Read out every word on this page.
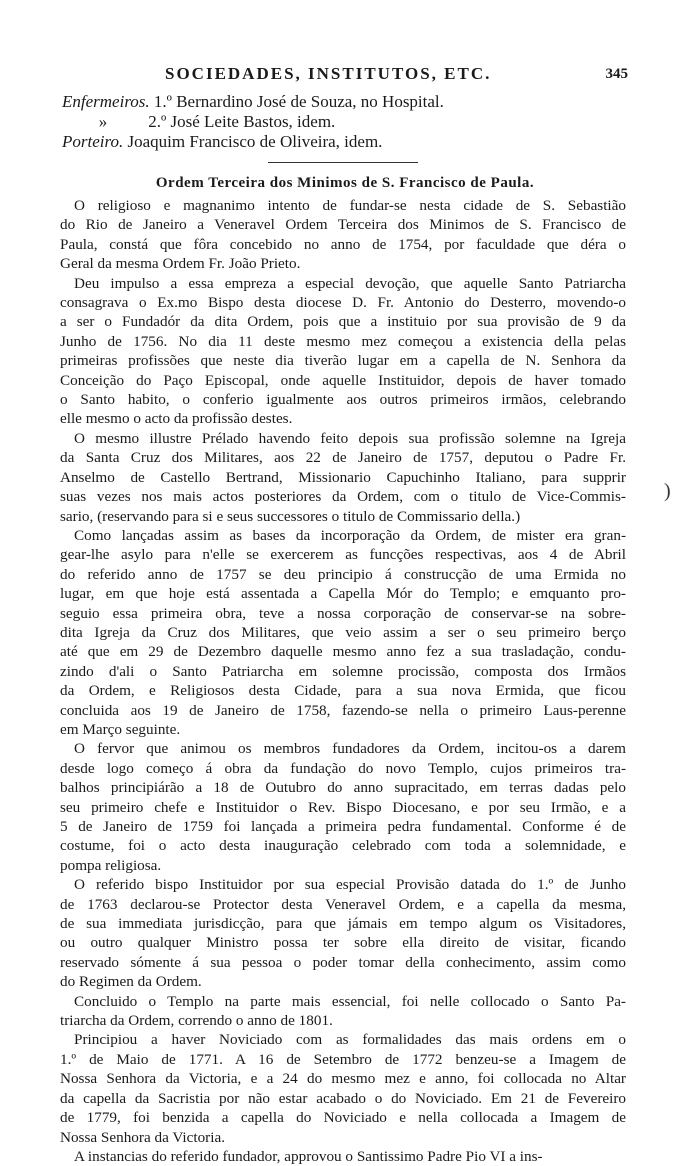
SOCIEDADES, INSTITUTOS, ETC.	345
Enfermeiros. 1.º Bernardino José de Souza, no Hospital.
» 2.º José Leite Bastos, idem.
Porteiro. Joaquim Francisco de Oliveira, idem.
Ordem Terceira dos Minimos de S. Francisco de Paula.
O religioso e magnanimo intento de fundar-se nesta cidade de S. Sebastião
do Rio de Janeiro a Veneravel Ordem Terceira dos Minimos de S. Francisco de
Paula, constá que fôra concebido no anno de 1754, por faculdade que déra o
Geral da mesma Ordem Fr. João Prieto.
Deu impulso a essa empreza a especial devoção, que aquelle Santo Patriarcha
consagrava o Ex.mo Bispo desta diocese D. Fr. Antonio do Desterro, movendo-o
a ser o Fundadór da dita Ordem, pois que a instituio por sua provisão de 9 da
Junho de 1756. No dia 11 deste mesmo mez começou a existencia della pelas
primeiras profissões que neste dia tiverão lugar em a capella de N. Senhora da
Conceição do Paço Episcopal, onde aquelle Instituidor, depois de haver tomado
o Santo habito, o conferio igualmente aos outros primeiros irmãos, celebrando
elle mesmo o acto da profissão destes.
O mesmo illustre Prélado havendo feito depois sua profissão solemne na Igreja
da Santa Cruz dos Militares, aos 22 de Janeiro de 1757, deputou o Padre Fr.
Anselmo de Castello Bertrand, Missionario Capuchinho Italiano, para supprir
suas vezes nos mais actos posteriores da Ordem, com o titulo de Vice-Commis-
sario, (reservando para si e seus successores o titulo de Commissario della.)
Como lançadas assim as bases da incorporação da Ordem, de mister era gran-
gear-lhe asylo para n'elle se exercerem as funcções respectivas, aos 4 de Abril
do referido anno de 1757 se deu principio á construcção de uma Ermida no
lugar, em que hoje está assentada a Capella Mór do Templo; e emquanto pro-
seguio essa primeira obra, teve a nossa corporação de conservar-se na sobre-
dita Igreja da Cruz dos Militares, que veio assim a ser o seu primeiro berço
até que em 29 de Dezembro daquelle mesmo anno fez a sua trasladação, condu-
zindo d'ali o Santo Patriarcha em solemne procissão, composta dos Irmãos
da Ordem, e Religiosos desta Cidade, para a sua nova Ermida, que ficou
concluida aos 19 de Janeiro de 1758, fazendo-se nella o primeiro Laus-perenne
em Março seguinte.
O fervor que animou os membros fundadores da Ordem, incitou-os a darem
desde logo começo á obra da fundação do novo Templo, cujos primeiros tra-
balhos principiárão a 18 de Outubro do anno supracitado, em terras dadas pelo
seu primeiro chefe e Instituidor o Rev. Bispo Diocesano, e por seu Irmão, e a
5 de Janeiro de 1759 foi lançada a primeira pedra fundamental. Conforme é de
costume, foi o acto desta inauguração celebrado com toda a solemnidade, e
pompa religiosa.
O referido bispo Instituidor por sua especial Provisão datada do 1.º de Junho
de 1763 declarou-se Protector desta Veneravel Ordem, e a capella da mesma,
de sua immediata jurisdicção, para que jámais em tempo algum os Visitadores,
ou outro qualquer Ministro possa ter sobre ella direito de visitar, ficando
reservado sómente á sua pessoa o poder tomar della conhecimento, assim como
do Regimen da Ordem.
Concluido o Templo na parte mais essencial, foi nelle collocado o Santo Pa-
triarcha da Ordem, correndo o anno de 1801.
Principiou a haver Noviciado com as formalidades das mais ordens em o
1.º de Maio de 1771. A 16 de Setembro de 1772 benzeu-se a Imagem de
Nossa Senhora da Victoria, e a 24 do mesmo mez e anno, foi collocada no Altar
da capella da Sacristia por não estar acabado o do Noviciado. Em 21 de Fevereiro
de 1779, foi benzida a capella do Noviciado e nella collocada a Imagem de
Nossa Senhora da Victoria.
A instancias do referido fundador, approvou o Santissimo Padre Pio VI a ins-
)
